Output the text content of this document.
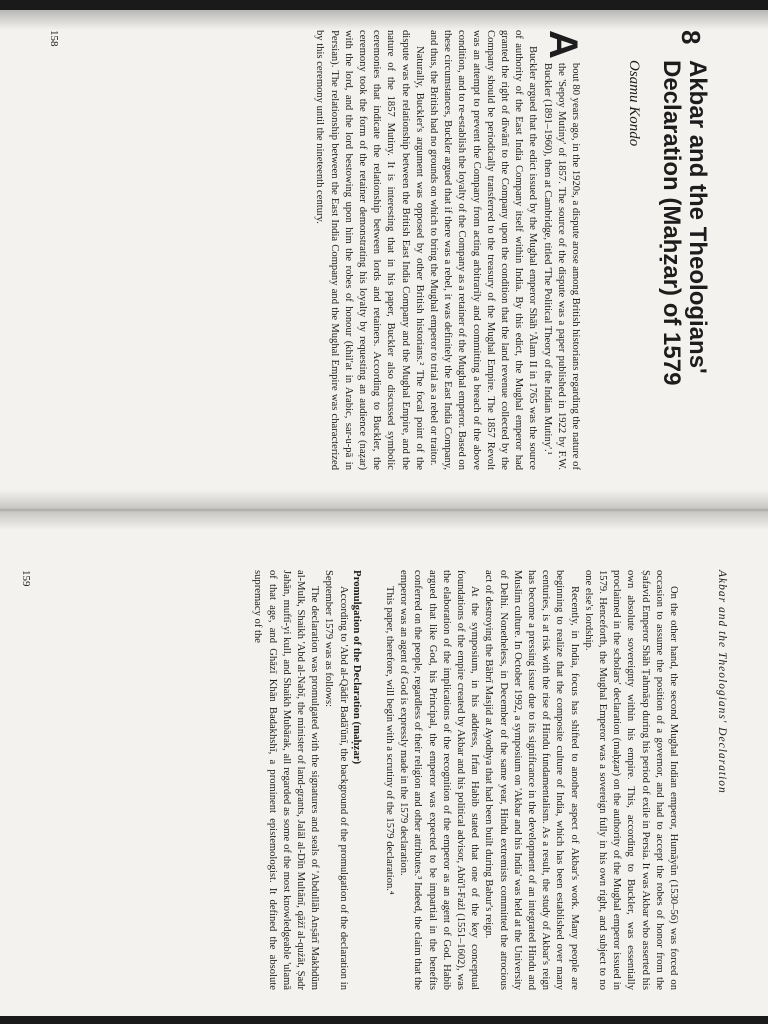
8
Akbar and the Theologians' Declaration (Maḥẓar) of 1579
Osamu Kondo

A
bout 80 years ago, in the 1920s, a dispute arose among British historians regarding the nature of the 'Sepoy Mutiny' of 1857. The source of the dispute was a paper published in 1922 by F.W. Buckler (1891–1960), then at Cambridge, titled 'The Political Theory of the Indian Mutiny'.¹

Buckler argued that the edict issued by the Mughal emperor Shāh 'Ālam II in 1765 was the source of authority of the East India Company itself within India. By this edict, the Mughal emperor had granted the right of dīwānī to the Company upon the condition that the land revenue collected by the Company should be periodically transferred to the treasury of the Mughal Empire. The 1857 Revolt was an attempt to prevent the Company from acting arbitrarily and committing a breach of the above condition, and to re-establish the loyalty of the Company as a retainer of the Mughal emperor. Based on these circumstances, Buckler argued that if there was a rebel, it was definitely the East India Company, and thus, the British had no grounds on which to bring the Mughal emperor to trial as a rebel or traitor.

Naturally, Buckler's argument was opposed by other British historians.² The focal point of the dispute was the relationship between the British East India Company and the Mughal Empire, and the nature of the 1857 Mutiny. It is interesting that in his paper, Buckler also discussed symbolic ceremonies that indicate the relationship between lords and retainers. According to Buckler, the ceremony took the form of the retainer demonstrating his loyalty by requesting an audience (naẓar) with the lord, and the lord bestowing upon him the robes of honour (khil'at in Arabic, sar-u-pā in Persian). The relationship between the East India Company and the Mughal Empire was characterized by this ceremony until the nineteenth century.

158
Akbar and the Theologians' Declaration

On the other hand, the second Mughal Indian emperor, Humāyūn (1530–56) was forced on occasion to assume the position of a governor, and had to accept the robes of honor from the Ṣafavid Emperor Shāh Ṭahmāsp during his period of exile in Persia. It was Akbar who asserted his own absolute sovereignty within his empire. This, according to Buckler, was essentially proclaimed in the scholars' declaration (maḥẓar) on the authority of the Mughal emperor issued in 1579. Henceforth, the Mughal Emperor was a sovereign fully in his own right, and subject to no one else's lordship.

Recently, in India, focus has shifted to another aspect of Akbar's work. Many people are beginning to realize that the composite culture of India, which has been established over many centuries, is at risk with the rise of Hindu fundamentalism. As a result, the study of Akbar's reign has become a pressing issue due to its significance in the development of an integrated Hindu and Muslim culture. In October 1992, a symposium on 'Akbar and his India' was held at the University of Delhi. Nonetheless, in December of the same year, Hindu extremists committed the atrocious act of destroying the Bābrī Masjid at Ayodhya that had been built during Babur's reign.

At the symposium, in his address, Irfan Habib stated that one of the key conceptual foundations of the empire created by Akbar and his political advisor, Abū'l-Fażl (1551–1602), was the elaboration of the implications of the recognition of the emperor as an agent of God. Habib argued that like God, his Principal, the emperor was expected to be impartial in the benefits conferred on the people, regardless of their religion and other attributes.³ Indeed, the claim that the emperor was an agent of God is expressly made in the 1579 declaration.

This paper, therefore, will begin with a scrutiny of the 1579 declaration.⁴

Promulgation of the Declaration (maḥẓar)

According to 'Abd al-Qādir Badā'ūnī, the background of the promulgation of the declaration in September 1579 was as follows:

The declaration was promulgated with the signatures and seals of 'Abdullāh Anṣārī Makhdūm al-Mulk, Shaikh 'Abd al-Nabī, the minister of land-grants, Jalāl al-Dīn Multānī, qāżī al-qużāt, Ṣadr Jahān, muftī-yi kull, and Shaikh Mubārak, all regarded as some of the most knowledgeable 'ulamā of that age, and Ghāzī Khān Badakhshī, a prominent epistemologist. It defined the absolute supremacy of the

159
